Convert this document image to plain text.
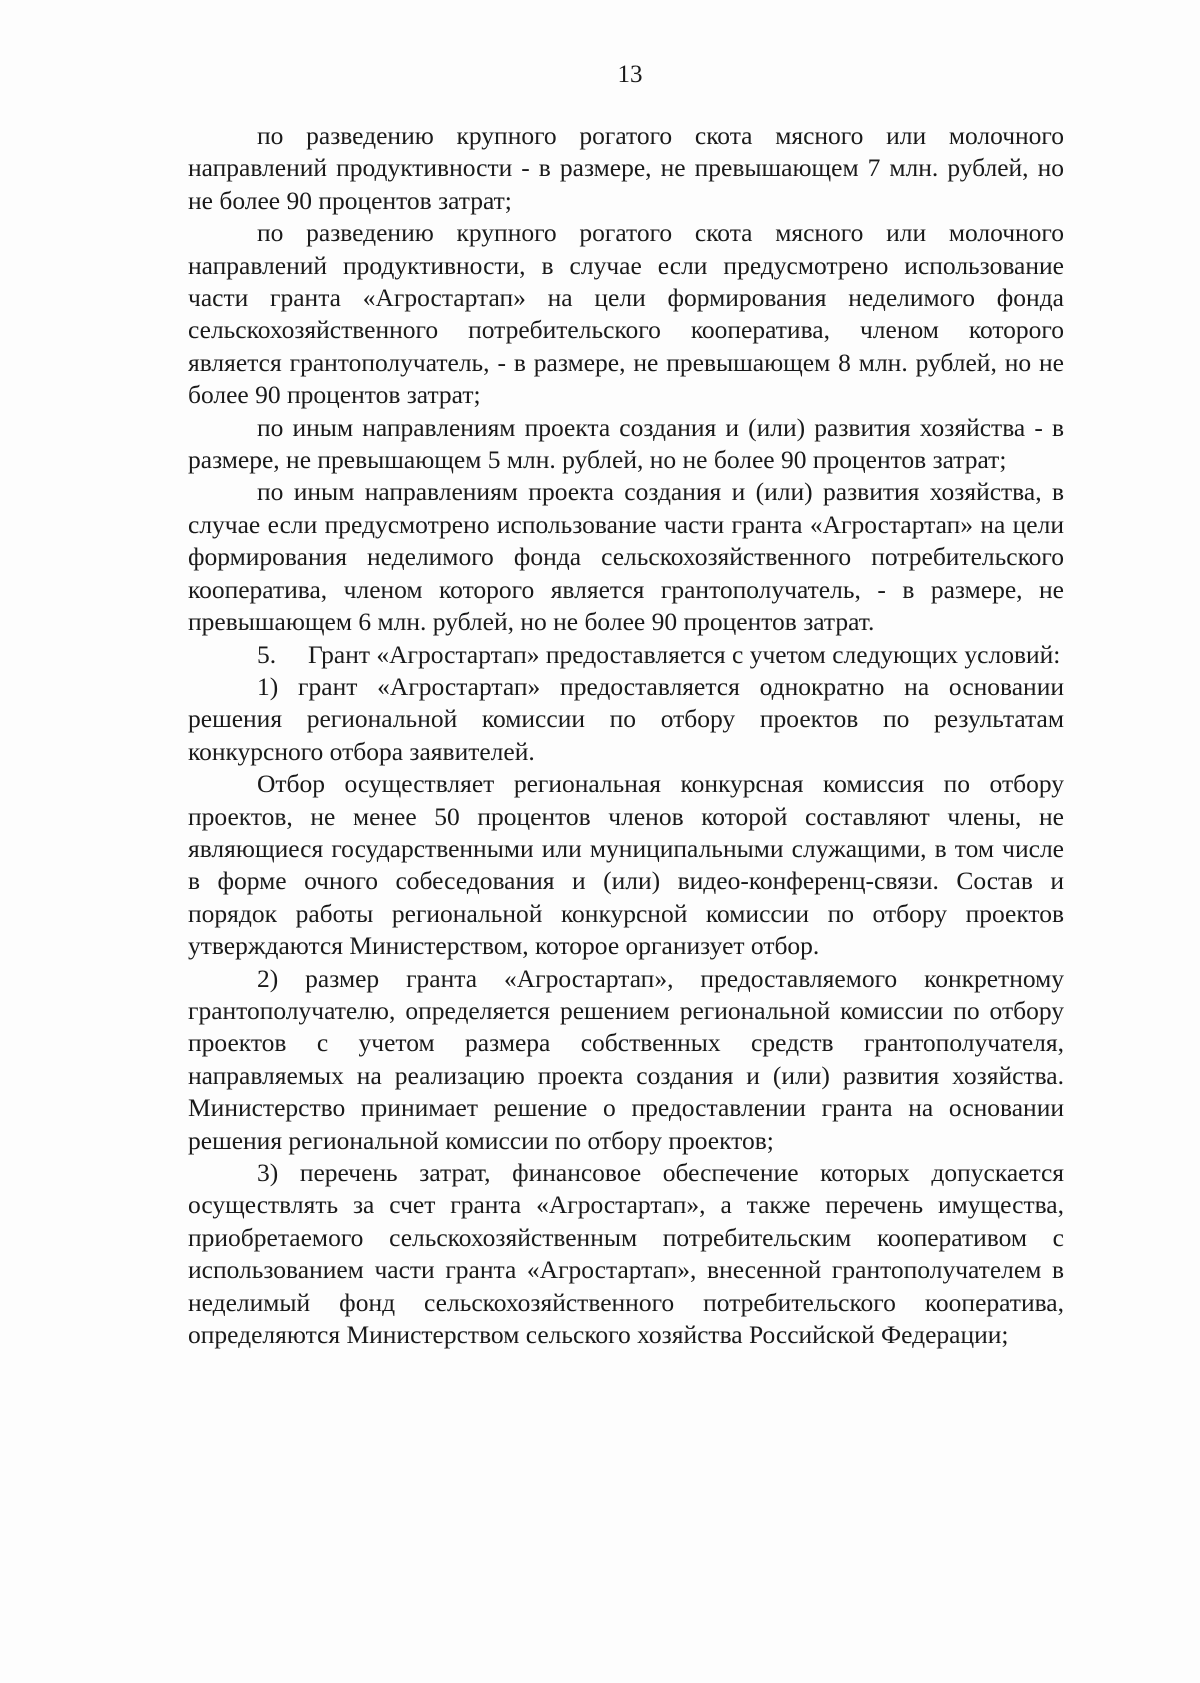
13

по разведению крупного рогатого скота мясного или молочного направлений продуктивности - в размере, не превышающем 7 млн. рублей, но не более 90 процентов затрат;

по разведению крупного рогатого скота мясного или молочного направлений продуктивности, в случае если предусмотрено использование части гранта «Агростартап» на цели формирования неделимого фонда сельскохозяйственного потребительского кооператива, членом которого является грантополучатель, - в размере, не превышающем 8 млн. рублей, но не более 90 процентов затрат;

по иным направлениям проекта создания и (или) развития хозяйства - в размере, не превышающем 5 млн. рублей, но не более 90 процентов затрат;

по иным направлениям проекта создания и (или) развития хозяйства, в случае если предусмотрено использование части гранта «Агростартап» на цели формирования неделимого фонда сельскохозяйственного потребительского кооператива, членом которого является грантополучатель, - в размере, не превышающем 6 млн. рублей, но не более 90 процентов затрат.

5.     Грант «Агростартап» предоставляется с учетом следующих условий:

1) грант «Агростартап» предоставляется однократно на основании решения региональной комиссии по отбору проектов по результатам конкурсного отбора заявителей.

Отбор осуществляет региональная конкурсная комиссия по отбору проектов, не менее 50 процентов членов которой составляют члены, не являющиеся государственными или муниципальными служащими, в том числе в форме очного собеседования и (или) видео-конференц-связи. Состав и порядок работы региональной конкурсной комиссии по отбору проектов утверждаются Министерством, которое организует отбор.

2) размер гранта «Агростартап», предоставляемого конкретному грантополучателю, определяется решением региональной комиссии по отбору проектов с учетом размера собственных средств грантополучателя, направляемых на реализацию проекта создания и (или) развития хозяйства. Министерство принимает решение о предоставлении гранта на основании решения региональной комиссии по отбору проектов;

3) перечень затрат, финансовое обеспечение которых допускается осуществлять за счет гранта «Агростартап», а также перечень имущества, приобретаемого сельскохозяйственным потребительским кооперативом с использованием части гранта «Агростартап», внесенной грантополучателем в неделимый фонд сельскохозяйственного потребительского кооператива, определяются Министерством сельского хозяйства Российской Федерации;
